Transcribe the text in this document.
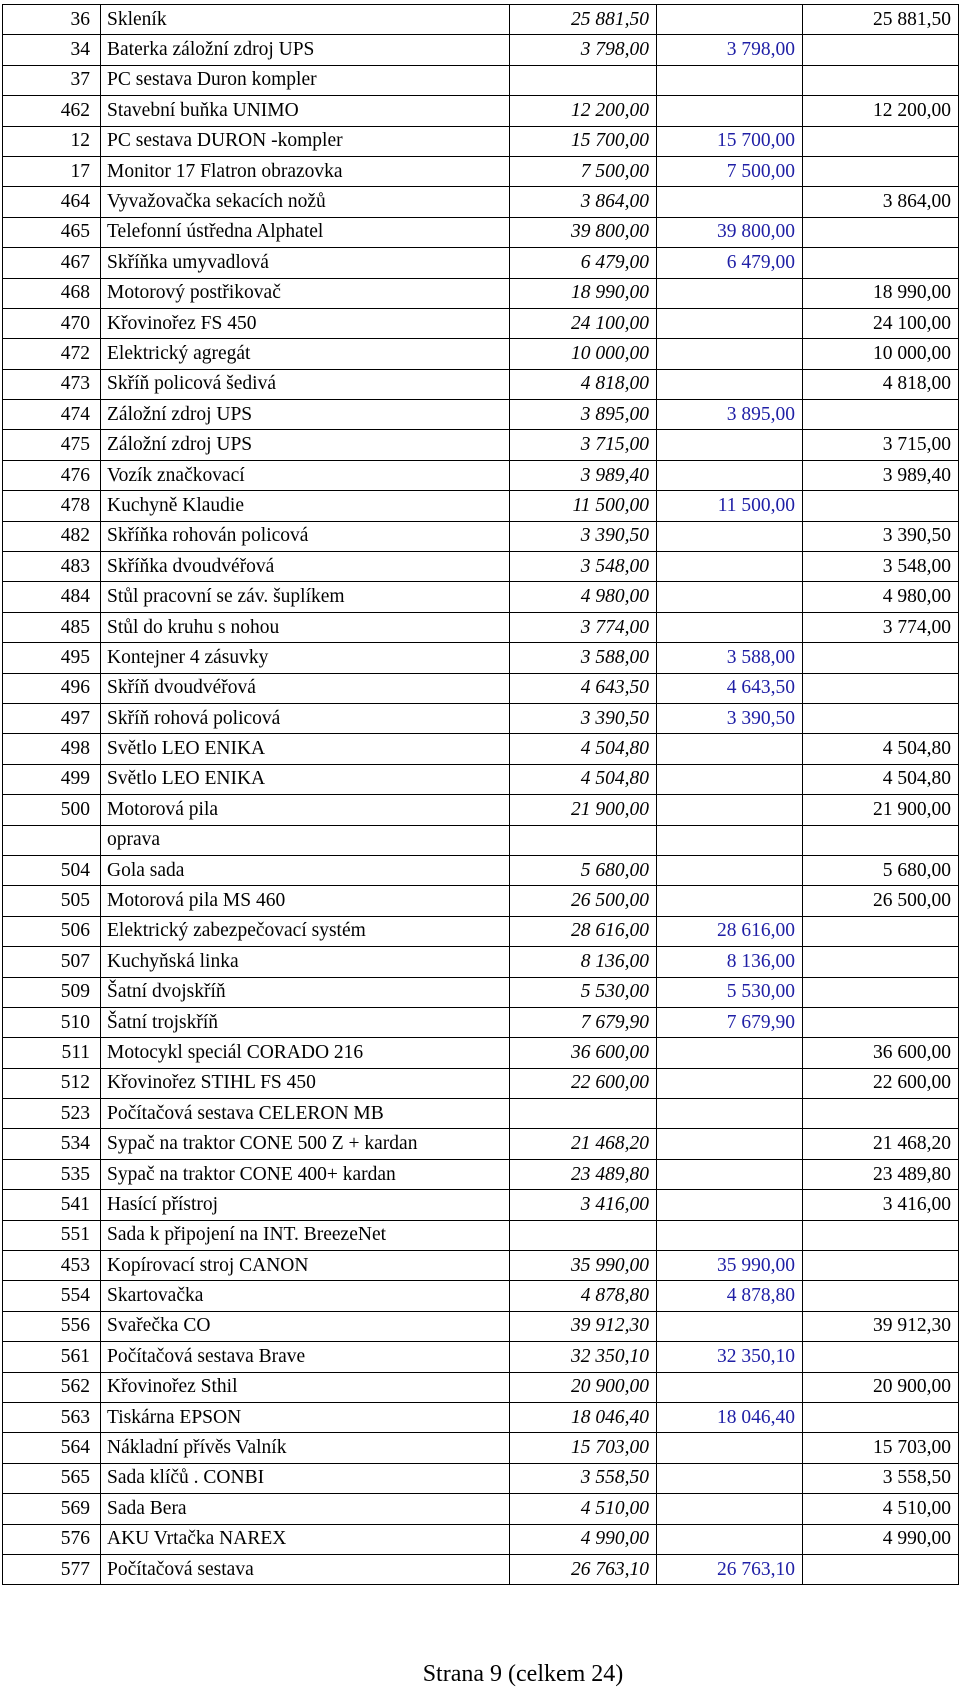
36	Skleník	25 881,50		25 881,50
34	Baterka záložní zdroj UPS	3 798,00	3 798,00	
37	PC sestava Duron kompler			
462	Stavební buňka UNIMO	12 200,00		12 200,00
12	PC sestava DURON -kompler	15 700,00	15 700,00	
17	Monitor 17 Flatron obrazovka	7 500,00	7 500,00	
464	Vyvažovačka sekacích nožů	3 864,00		3 864,00
465	Telefonní ústředna Alphatel	39 800,00	39 800,00	
467	Skříňka umyvadlová	6 479,00	6 479,00	
468	Motorový postřikovač	18 990,00		18 990,00
470	Křovinořez FS 450	24 100,00		24 100,00
472	Elektrický agregát	10 000,00		10 000,00
473	Skříň policová šedivá	4 818,00		4 818,00
474	Záložní zdroj UPS	3 895,00	3 895,00	
475	Záložní zdroj UPS	3 715,00		3 715,00
476	Vozík značkovací	3 989,40		3 989,40
478	Kuchyně Klaudie	11 500,00	11 500,00	
482	Skříňka rohován policová	3 390,50		3 390,50
483	Skříňka dvoudvéřová	3 548,00		3 548,00
484	Stůl pracovní se záv. šuplíkem	4 980,00		4 980,00
485	Stůl do kruhu s nohou	3 774,00		3 774,00
495	Kontejner 4 zásuvky	3 588,00	3 588,00	
496	Skříň dvoudvéřová	4 643,50	4 643,50	
497	Skříň rohová policová	3 390,50	3 390,50	
498	Světlo LEO ENIKA	4 504,80		4 504,80
499	Světlo LEO ENIKA	4 504,80		4 504,80
500	Motorová pila	21 900,00		21 900,00
	oprava			
504	Gola sada	5 680,00		5 680,00
505	Motorová pila MS 460	26 500,00		26 500,00
506	Elektrický zabezpečovací systém	28 616,00	28 616,00	
507	Kuchyňská linka	8 136,00	8 136,00	
509	Šatní dvojskříň	5 530,00	5 530,00	
510	Šatní trojskříň	7 679,90	7 679,90	
511	Motocykl speciál CORADO 216	36 600,00		36 600,00
512	Křovinořez STIHL FS 450	22 600,00		22 600,00
523	Počítačová sestava CELERON MB			
534	Sypač na traktor CONE 500 Z + kardan	21 468,20		21 468,20
535	Sypač na traktor CONE 400+ kardan	23 489,80		23 489,80
541	Hasící přístroj	3 416,00		3 416,00
551	Sada k připojení na INT. BreezeNet			
453	Kopírovací stroj CANON	35 990,00	35 990,00	
554	Skartovačka	4 878,80	4 878,80	
556	Svařečka CO	39 912,30		39 912,30
561	Počítačová sestava Brave	32 350,10	32 350,10	
562	Křovinořez Sthil	20 900,00		20 900,00
563	Tiskárna EPSON	18 046,40	18 046,40	
564	Nákladní přívěs Valník	15 703,00		15 703,00
565	Sada klíčů . CONBI	3 558,50		3 558,50
569	Sada Bera	4 510,00		4 510,00
576	AKU Vrtačka NAREX	4 990,00		4 990,00
577	Počítačová sestava	26 763,10	26 763,10	
Strana 9 (celkem 24)
